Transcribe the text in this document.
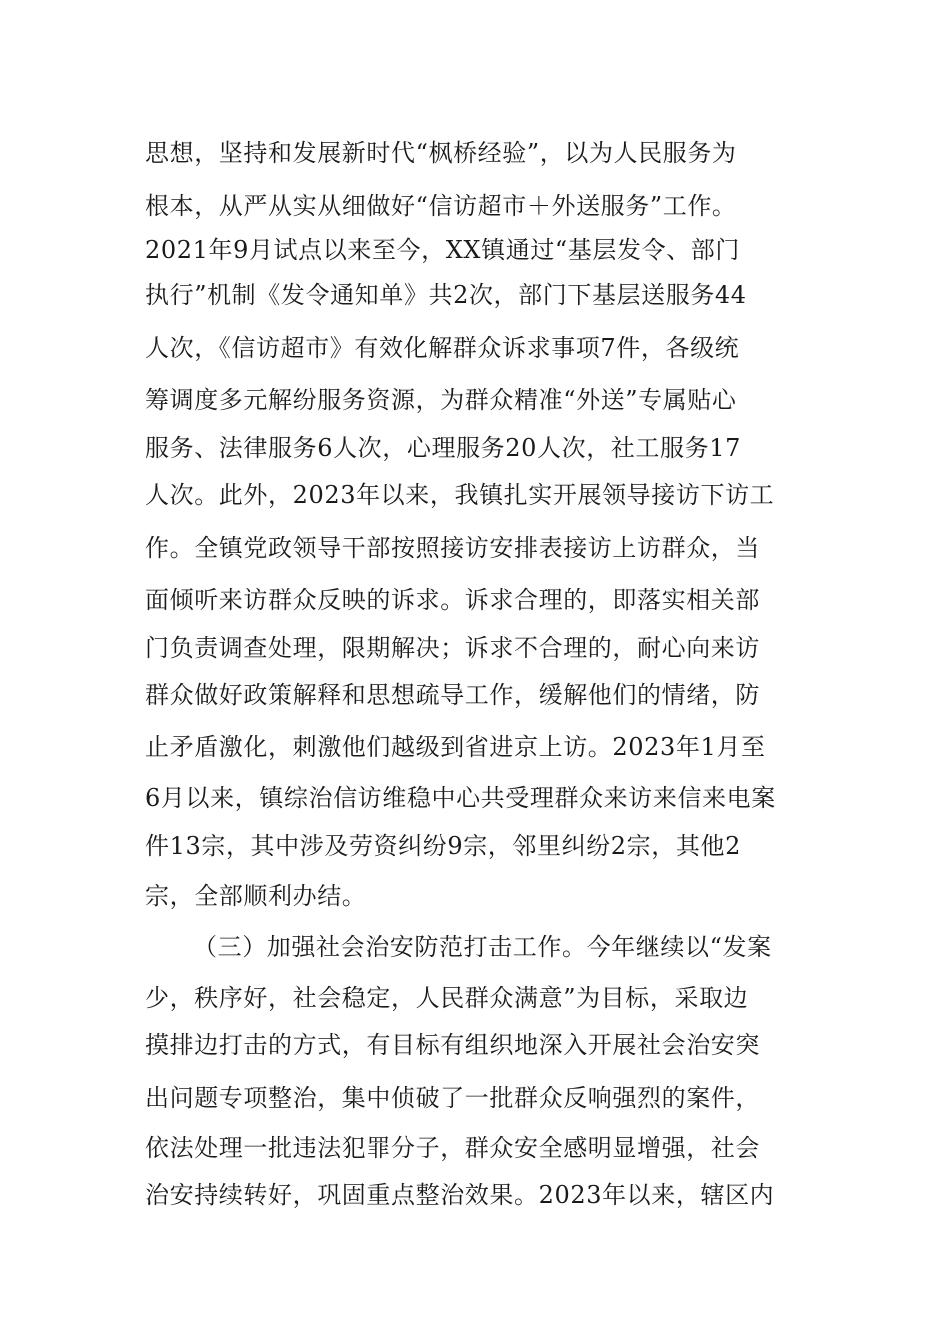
思想，坚持和发展新时代“枫桥经验”，以为人民服务为
根本，从严从实从细做好“信访超市＋外送服务”工作。
2021年9月试点以来至今，XX镇通过“基层发令、部门
执行”机制《发令通知单》共2次，部门下基层送服务44
人次，《信访超市》有效化解群众诉求事项7件，各级统
筹调度多元解纷服务资源，为群众精准“外送”专属贴心
服务、法律服务6人次，心理服务20人次，社工服务17
人次。此外，2023年以来，我镇扎实开展领导接访下访工
作。全镇党政领导干部按照接访安排表接访上访群众，当
面倾听来访群众反映的诉求。诉求合理的，即落实相关部
门负责调查处理，限期解决；诉求不合理的，耐心向来访
群众做好政策解释和思想疏导工作，缓解他们的情绪，防
止矛盾激化，刺激他们越级到省进京上访。2023年1月至
6月以来，镇综治信访维稳中心共受理群众来访来信来电案
件13宗，其中涉及劳资纠纷9宗，邻里纠纷2宗，其他2
宗，全部顺利办结。
（三）加强社会治安防范打击工作。今年继续以“发案
少，秩序好，社会稳定，人民群众满意”为目标，采取边
摸排边打击的方式，有目标有组织地深入开展社会治安突
出问题专项整治，集中侦破了一批群众反响强烈的案件，
依法处理一批违法犯罪分子，群众安全感明显增强，社会
治安持续转好，巩固重点整治效果。2023年以来，辖区内
